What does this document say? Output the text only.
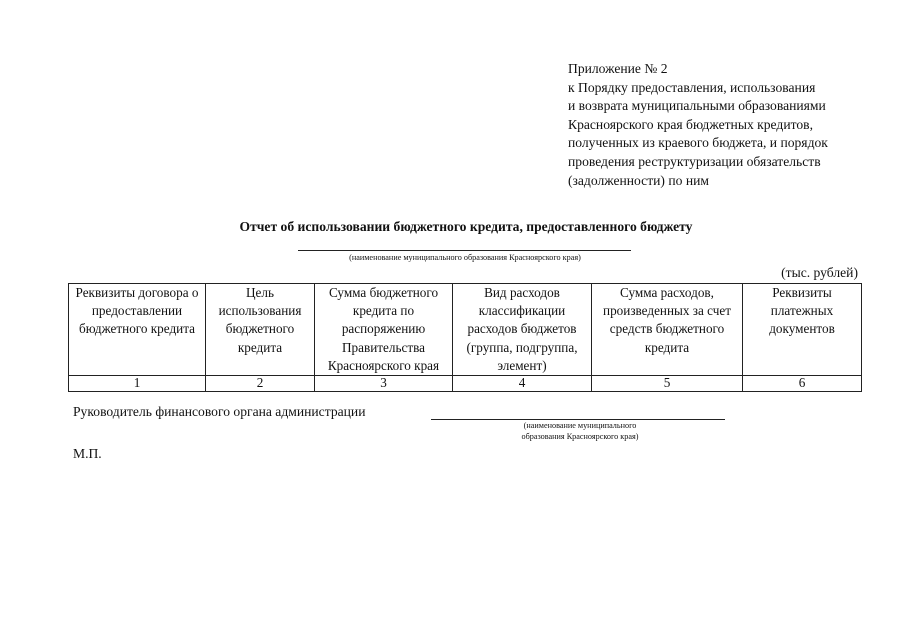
Приложение № 2
к Порядку предоставления, использования
и возврата муниципальными образованиями
Красноярского края бюджетных кредитов,
полученных из краевого бюджета, и порядок
проведения реструктуризации обязательств
(задолженности) по ним
Отчет об использовании бюджетного кредита, предоставленного бюджету
(наименование муниципального образования Красноярского края)
(тыс. рублей)
Реквизиты договора о предоставлении бюджетного кредита	Цель использования бюджетного кредита	Сумма бюджетного кредита по распоряжению Правительства Красноярского края	Вид расходов классификации расходов бюджетов (группа, подгруппа, элемент)	Сумма расходов, произведенных за счет средств бюджетного кредита	Реквизиты платежных документов
1	2	3	4	5	6
Руководитель финансового органа администрации
(наименование муниципального
образования Красноярского края)
М.П.
